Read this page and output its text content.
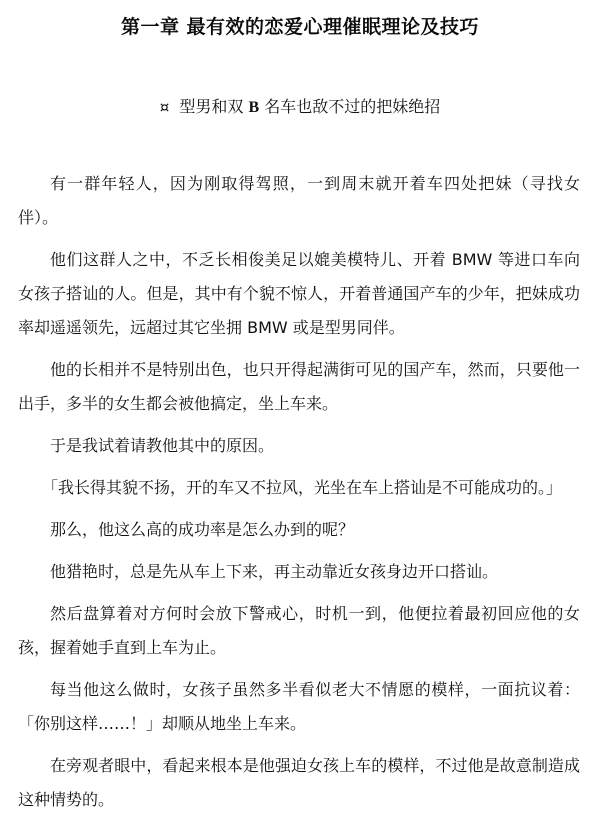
第一章 最有效的恋爱心理催眠理论及技巧
¤ 型男和双 B 名车也敌不过的把妹绝招

有一群年轻人，因为刚取得驾照，一到周末就开着车四处把妹（寻找女伴）。

他们这群人之中，不乏长相俊美足以媲美模特儿、开着 BMW 等进口车向女孩子搭讪的人。但是，其中有个貌不惊人，开着普通国产车的少年，把妹成功率却遥遥领先，远超过其它坐拥 BMW 或是型男同伴。

他的长相并不是特别出色，也只开得起满街可见的国产车，然而，只要他一出手，多半的女生都会被他搞定，坐上车来。

于是我试着请教他其中的原因。

「我长得其貌不扬，开的车又不拉风，光坐在车上搭讪是不可能成功的。」

那么，他这么高的成功率是怎么办到的呢？

他猎艳时，总是先从车上下来，再主动靠近女孩身边开口搭讪。

然后盘算着对方何时会放下警戒心，时机一到，他便拉着最初回应他的女孩，握着她手直到上车为止。

每当他这么做时，女孩子虽然多半看似老大不情愿的模样，一面抗议着：「你别这样……！」却顺从地坐上车来。

在旁观者眼中，看起来根本是他强迫女孩上车的模样，不过他是故意制造成这种情势的。
